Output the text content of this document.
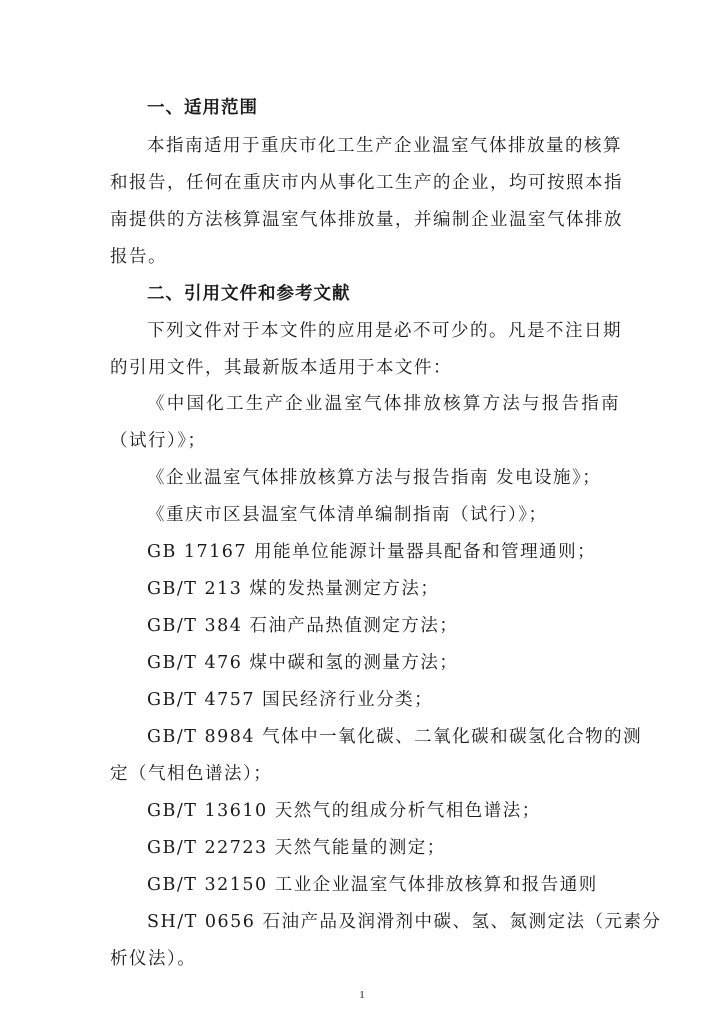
一、适用范围
本指南适用于重庆市化工生产企业温室气体排放量的核算
和报告，任何在重庆市内从事化工生产的企业，均可按照本指
南提供的方法核算温室气体排放量，并编制企业温室气体排放
报告。
二、引用文件和参考文献
下列文件对于本文件的应用是必不可少的。凡是不注日期
的引用文件，其最新版本适用于本文件：
《中国化工生产企业温室气体排放核算方法与报告指南
（试行）》；
《企业温室气体排放核算方法与报告指南 发电设施》；
《重庆市区县温室气体清单编制指南（试行）》；
GB 17167 用能单位能源计量器具配备和管理通则；
GB/T 213 煤的发热量测定方法；
GB/T 384 石油产品热值测定方法；
GB/T 476 煤中碳和氢的测量方法；
GB/T 4757 国民经济行业分类；
GB/T 8984 气体中一氧化碳、二氧化碳和碳氢化合物的测
定（气相色谱法）；
GB/T 13610 天然气的组成分析气相色谱法；
GB/T 22723 天然气能量的测定；
GB/T 32150 工业企业温室气体排放核算和报告通则
SH/T 0656 石油产品及润滑剂中碳、氢、氮测定法（元素分
析仪法）。
1
